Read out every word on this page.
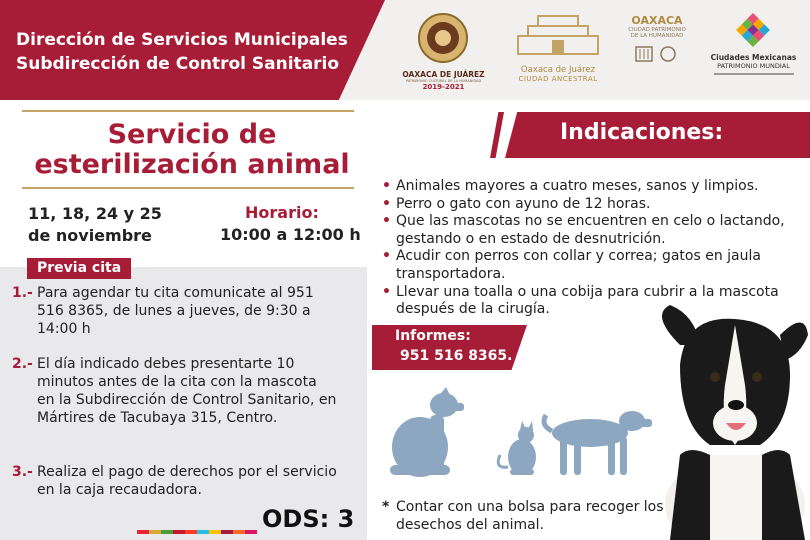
Dirección de Servicios Municipales
Subdirección de Control Sanitario
OAXACA DE JUÁREZ
PATRIMONIO CULTURAL DE LA HUMANIDAD
2019-2021
Oaxaca de Juárez
CIUDAD ANCESTRAL
OAXACA
CIUDAD PATRIMONIO
DE LA HUMANIDAD
Ciudades Mexicanas
PATRIMONIO MUNDIAL
Servicio de
esterilización animal
11, 18, 24 y 25
de noviembre
Horario:
10:00 a 12:00 h
Previa cita
1.- Para agendar tu cita comunicate al 951 516 8365, de lunes a jueves, de 9:30 a 14:00 h
2.- El día indicado debes presentarte 10 minutos antes de la cita con la mascota en la Subdirección de Control Sanitario, en Mártires de Tacubaya 315, Centro.
3.- Realiza el pago de derechos por el servicio en la caja recaudadora.
ODS: 3
Indicaciones:
• Animales mayores a cuatro meses, sanos y limpios.
• Perro o gato con ayuno de 12 horas.
• Que las mascotas no se encuentren en celo o lactando, gestando o en estado de desnutrición.
• Acudir con perros con collar y correa; gatos en jaula transportadora.
• Llevar una toalla o una cobija para cubrir a la mascota después de la cirugía.
Informes:
951 516 8365.
* Contar con una bolsa para recoger los desechos del animal.
